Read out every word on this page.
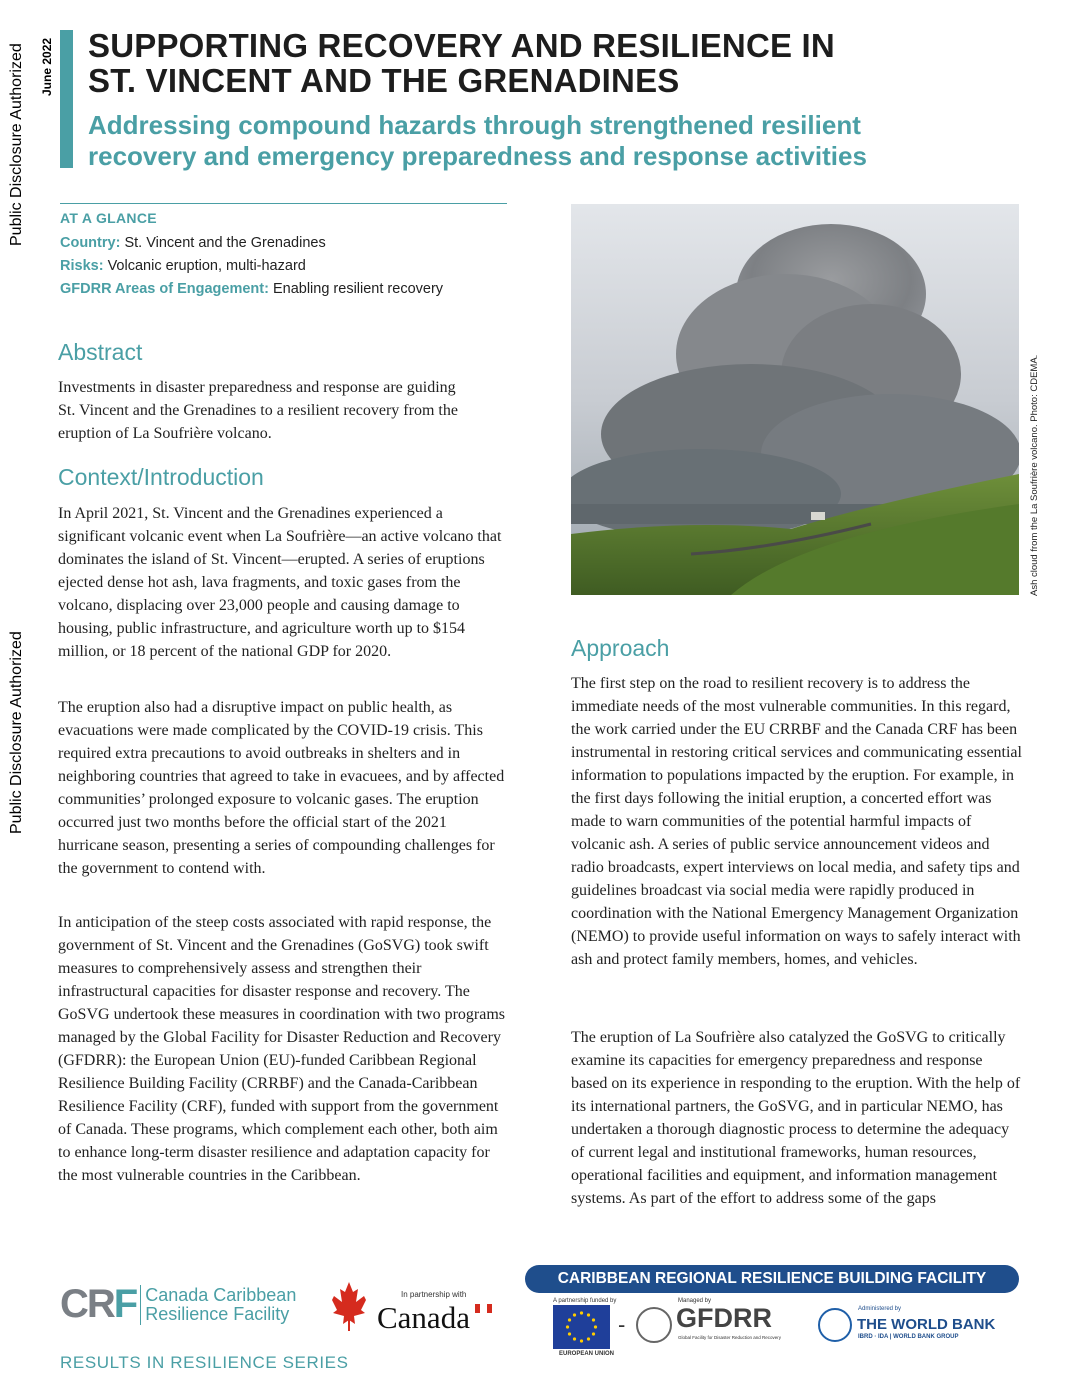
Public Disclosure Authorized
Public Disclosure Authorized
June 2022 SUPPORTING RECOVERY AND RESILIENCE IN
ST. VINCENT AND THE GRENADINES
Addressing compound hazards through strengthened resilient
recovery and emergency preparedness and response activities
AT A GLANCE
Country: St. Vincent and the Grenadines
Risks: Volcanic eruption, multi-hazard
GFDRR Areas of Engagement: Enabling resilient recovery
Abstract
Investments in disaster preparedness and response are guiding St. Vincent and the Grenadines to a resilient recovery from the eruption of La Soufrière volcano.
Context/Introduction
In April 2021, St. Vincent and the Grenadines experienced a significant volcanic event when La Soufrière—an active volcano that dominates the island of St. Vincent—erupted. A series of eruptions ejected dense hot ash, lava fragments, and toxic gases from the volcano, displacing over 23,000 people and causing damage to housing, public infrastructure, and agriculture worth up to $154 million, or 18 percent of the national GDP for 2020.
The eruption also had a disruptive impact on public health, as evacuations were made complicated by the COVID-19 crisis. This required extra precautions to avoid outbreaks in shelters and in neighboring countries that agreed to take in evacuees, and by affected communities’ prolonged exposure to volcanic gases. The eruption occurred just two months before the official start of the 2021 hurricane season, presenting a series of compounding challenges for the government to contend with.
In anticipation of the steep costs associated with rapid response, the government of St. Vincent and the Grenadines (GoSVG) took swift measures to comprehensively assess and strengthen their infrastructural capacities for disaster response and recovery. The GoSVG undertook these measures in coordination with two programs managed by the Global Facility for Disaster Reduction and Recovery (GFDRR): the European Union (EU)-funded Caribbean Regional Resilience Building Facility (CRRBF) and the Canada-Caribbean Resilience Facility (CRF), funded with support from the government of Canada. These programs, which complement each other, both aim to enhance long-term disaster resilience and adaptation capacity for the most vulnerable countries in the Caribbean.
Ash cloud from the La Soufrière volcano. Photo: CDEMA.
Approach
The first step on the road to resilient recovery is to address the immediate needs of the most vulnerable communities. In this regard, the work carried under the EU CRRBF and the Canada CRF has been instrumental in restoring critical services and communicating essential information to populations impacted by the eruption. For example, in the first days following the initial eruption, a concerted effort was made to warn communities of the potential harmful impacts of volcanic ash. A series of public service announcement videos and radio broadcasts, expert interviews on local media, and safety tips and guidelines broadcast via social media were rapidly produced in coordination with the National Emergency Management Organization (NEMO) to provide useful information on ways to safely interact with ash and protect family members, homes, and vehicles.
The eruption of La Soufrière also catalyzed the GoSVG to critically examine its capacities for emergency preparedness and response based on its experience in responding to the eruption. With the help of its international partners, the GoSVG, and in particular NEMO, has undertaken a thorough diagnostic process to determine the adequacy of current legal and institutional frameworks, human resources, operational facilities and equipment, and information management systems. As part of the effort to address some of the gaps
CRF Canada Caribbean
Resilience Facility
In partnership with
Canada
RESULTS IN RESILIENCE SERIES
CARIBBEAN REGIONAL RESILIENCE BUILDING FACILITY
A partnership funded by
EUROPEAN UNION
-
Managed by
GFDRR
Global Facility for Disaster Reduction and Recovery
Administered by
THE WORLD BANK
IBRD · IDA | WORLD BANK GROUP
